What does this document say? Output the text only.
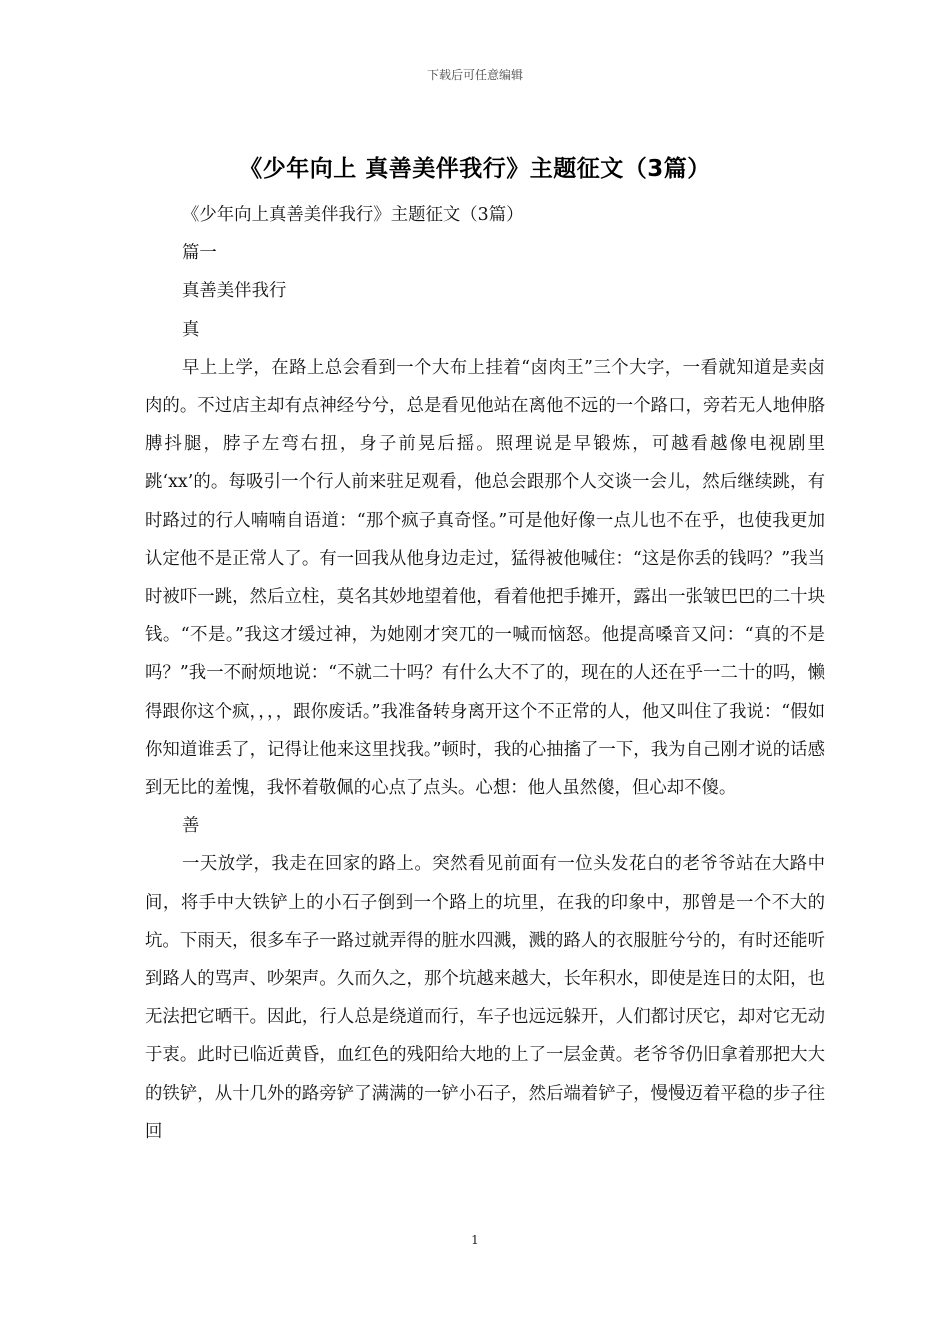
下载后可任意编辑
《少年向上 真善美伴我行》主题征文（3篇）

《少年向上真善美伴我行》主题征文（3篇）

篇一

真善美伴我行

真

早上上学，在路上总会看到一个大布上挂着“卤肉王”三个大字，一看就知道是卖卤肉的。不过店主却有点神经兮兮，总是看见他站在离他不远的一个路口，旁若无人地伸胳膊抖腿，脖子左弯右扭，身子前晃后摇。照理说是早锻炼，可越看越像电视剧里跳‘xx’的。每吸引一个行人前来驻足观看，他总会跟那个人交谈一会儿，然后继续跳，有时路过的行人喃喃自语道：“那个疯子真奇怪。”可是他好像一点儿也不在乎，也使我更加认定他不是正常人了。有一回我从他身边走过，猛得被他喊住：“这是你丢的钱吗？”我当时被吓一跳，然后立柱，莫名其妙地望着他，看着他把手摊开，露出一张皱巴巴的二十块钱。“不是。”我这才缓过神，为她刚才突兀的一喊而恼怒。他提高嗓音又问：“真的不是吗？”我一不耐烦地说：“不就二十吗？有什么大不了的，现在的人还在乎一二十的吗，懒得跟你这个疯，，，，跟你废话。”我准备转身离开这个不正常的人，他又叫住了我说：“假如你知道谁丢了，记得让他来这里找我。”顿时，我的心抽搐了一下，我为自己刚才说的话感到无比的羞愧，我怀着敬佩的心点了点头。心想：他人虽然傻，但心却不傻。

善

一天放学，我走在回家的路上。突然看见前面有一位头发花白的老爷爷站在大路中间，将手中大铁铲上的小石子倒到一个路上的坑里，在我的印象中，那曾是一个不大的坑。下雨天，很多车子一路过就弄得的脏水四溅，溅的路人的衣服脏兮兮的，有时还能听到路人的骂声、吵架声。久而久之，那个坑越来越大，长年积水，即使是连日的太阳，也无法把它晒干。因此，行人总是绕道而行，车子也远远躲开，人们都讨厌它，却对它无动于衷。此时已临近黄昏，血红色的残阳给大地的上了一层金黄。老爷爷仍旧拿着那把大大的铁铲，从十几外的路旁铲了满满的一铲小石子，然后端着铲子，慢慢迈着平稳的步子往回

1
